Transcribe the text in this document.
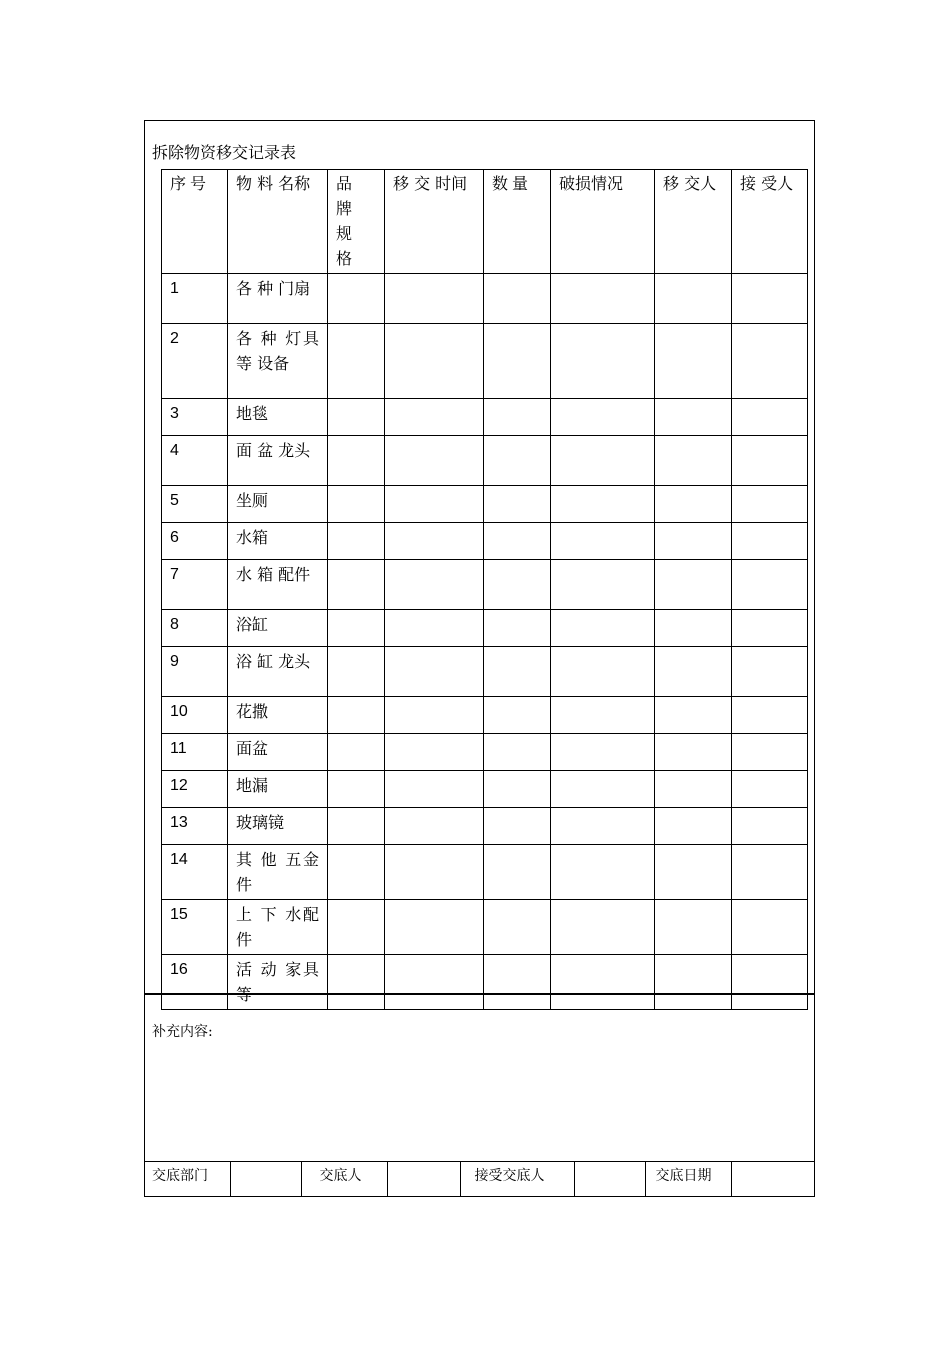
拆除物资移交记录表
序号	物 料 名称	品牌规格	移 交 时间	数量	破损情况	移 交人	接 受人
1	各 种 门扇						
2	各 种 灯具 等 设备						
3	地毯						
4	面 盆 龙头						
5	坐厕						
6	水箱						
7	水 箱 配件						
8	浴缸						
9	浴 缸 龙头						
10	花撒						
11	面盆						
12	地漏						
13	玻璃镜						
14	其 他 五金件						
15	上 下 水配件						
16	活 动 家具等						
补充内容:
交底部门		交底人		接受交底人		交底日期	
